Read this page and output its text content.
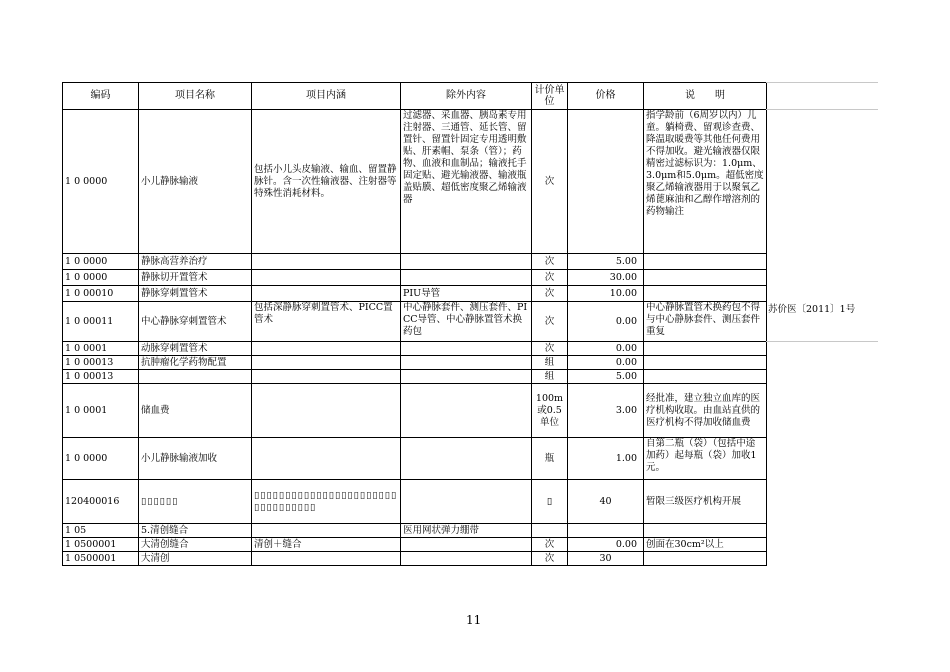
编码	项目名称	项目内涵	除外内容	计价单位	价格	说　　明
1 0 0000	小儿静脉输液	包括小儿头皮输液、输血、留置静脉针。含一次性输液器、注射器等特殊性消耗材料。	过滤器、采血器、胰岛素专用注射器、三通管、延长管、留置针、留置针固定专用透明敷贴、肝素帽、泵条（管）；药物、血液和血制品；输液托手固定贴、避光输液器、输液瓶盖贴膜、超低密度聚乙烯输液器	次		指学龄前（6周岁以内）儿童。躺椅费、留观诊查费、降温取暖费等其他任何费用不得加收。避光输液器仅限精密过滤标识为：1.0μm、3.0μm和5.0μm。超低密度聚乙烯输液器用于以聚氧乙烯蓖麻油和乙醇作增溶剂的药物输注
1 0 0000	静脉高营养治疗			次	5.00	
1 0 0000	静脉切开置管术			次	30.00	
1 0 00010	静脉穿刺置管术		PIU导管	次	10.00	
1 0 00011	中心静脉穿刺置管术	包括深静脉穿刺置管术、PICC置管术	中心静脉套件、测压套件、PICC导管、中心静脉置管术换药包	次	0.00	中心静脉置管术换药包不得与中心静脉套件、测压套件重复
1 0 0001	动脉穿刺置管术			次	0.00	
1 0 00013	抗肿瘤化学药物配置			组	0.00	
1 0 00013				组	5.00	
1 0 0001	储血费			100m或0.5单位	3.00	经批准，建立独立血库的医疗机构收取。由血站直供的医疗机构不得加收储血费
1 0 0000	小儿静脉输液加收			瓶	1.00	自第二瓶（袋）（包括中途加药）起每瓶（袋）加收1元。
120400016	▯▯▯▯▯▯	▯▯▯▯▯▯▯▯▯▯▯▯▯▯▯▯▯▯▯▯▯▯▯▯▯▯▯▯▯▯▯▯▯		▯	40	暂限三级医疗机构开展
1 05	5.清创缝合		医用网状弹力绷带			
1 0500001	大清创缝合	清创＋缝合		次	0.00	创面在30cm²以上
1 0500001	大清创			次	30	
苏价医〔2011〕1号
11
